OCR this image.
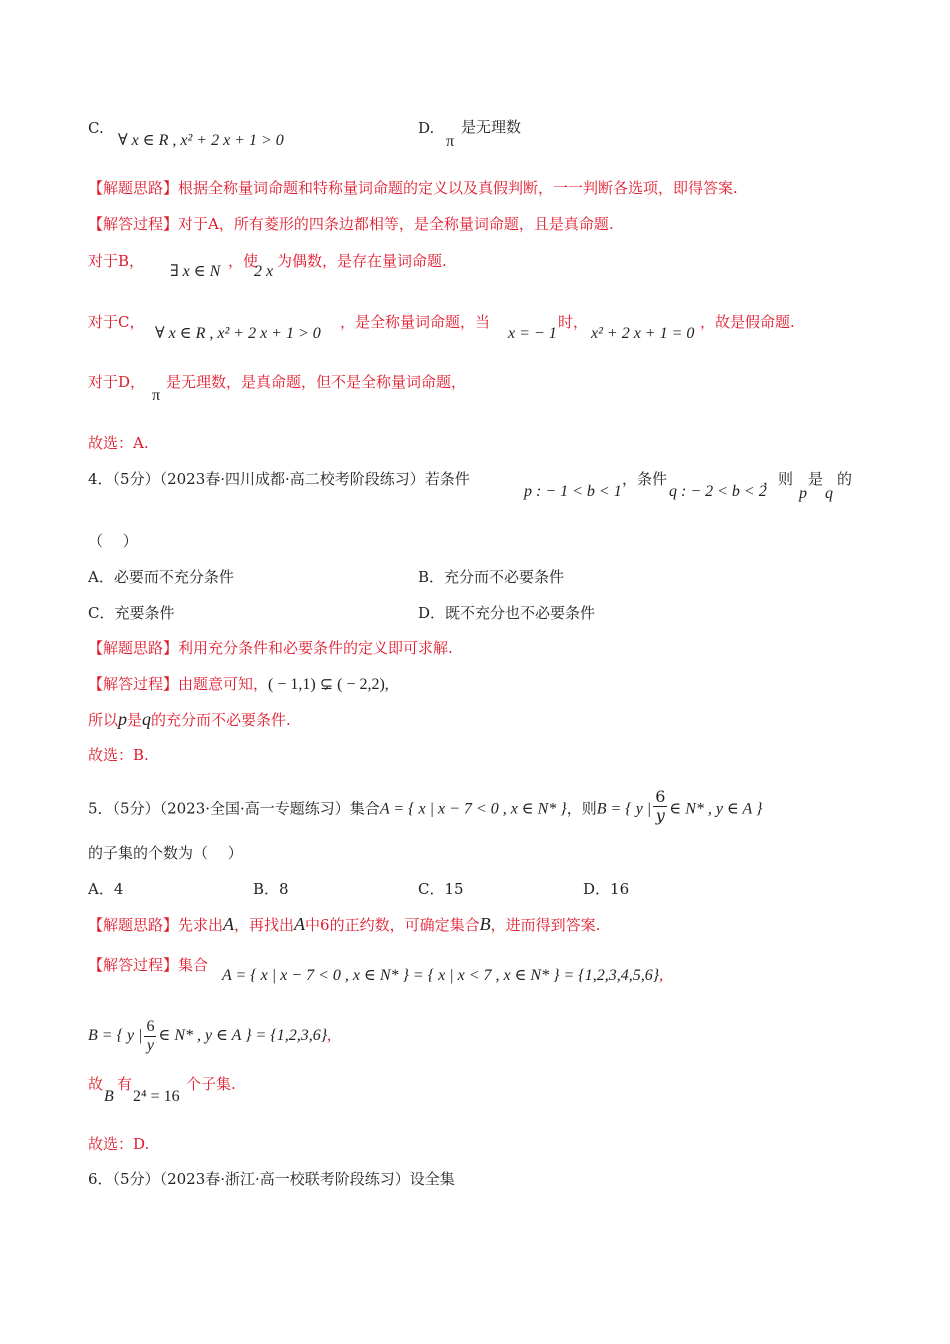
C.
∀ x ∈ R , x² + 2 x + 1 > 0
D.
π
是无理数
【解题思路】根据全称量词命题和特称量词命题的定义以及真假判断，一一判断各选项，即得答案.
【解答过程】对于A，所有菱形的四条边都相等，是全称量词命题，且是真命题.
对于B，
∃ x ∈ N
，使
2 x
为偶数，是存在量词命题.
对于C，
∀ x ∈ R , x² + 2 x + 1 > 0
，是全称量词命题，当
x = − 1
时，
x² + 2 x + 1 = 0
，故是假命题.
对于D，
π
是无理数，是真命题，但不是全称量词命题，
故选：A.
4．（5分）（2023春·四川成都·高二校考阶段练习）若条件
p : − 1 < b < 1
，条件
q : − 2 < b < 2
，则
p
是
q
的
（　 ）
A．必要而不充分条件	B．充分而不必要条件
C．充要条件	D．既不充分也不必要条件
【解题思路】利用充分条件和必要条件的定义即可求解.
【解答过程】由题意可知，( − 1,1) ⊊ ( − 2,2),
所以p是q的充分而不必要条件.
故选：B.
5．（5分）（2023·全国·高一专题练习）集合A = { x | x − 7 < 0 , x ∈ N* }，则B = { y | $\frac{6}{y}$ ∈ N* , y ∈ A }
的子集的个数为（　 ）
A．4	B．8	C．15	D．16
【解题思路】先求出A，再找出A中6的正约数，可确定集合B，进而得到答案.
【解答过程】集合
A = { x | x − 7 < 0 , x ∈ N* } = { x | x < 7 , x ∈ N* } = {1,2,3,4,5,6},
B = { y | $\frac{6}{y}$ ∈ N* , y ∈ A } = {1,2,3,6},
故
B
有
2⁴ = 16
个子集.
故选：D.
6．（5分）（2023春·浙江·高一校联考阶段练习）设全集
